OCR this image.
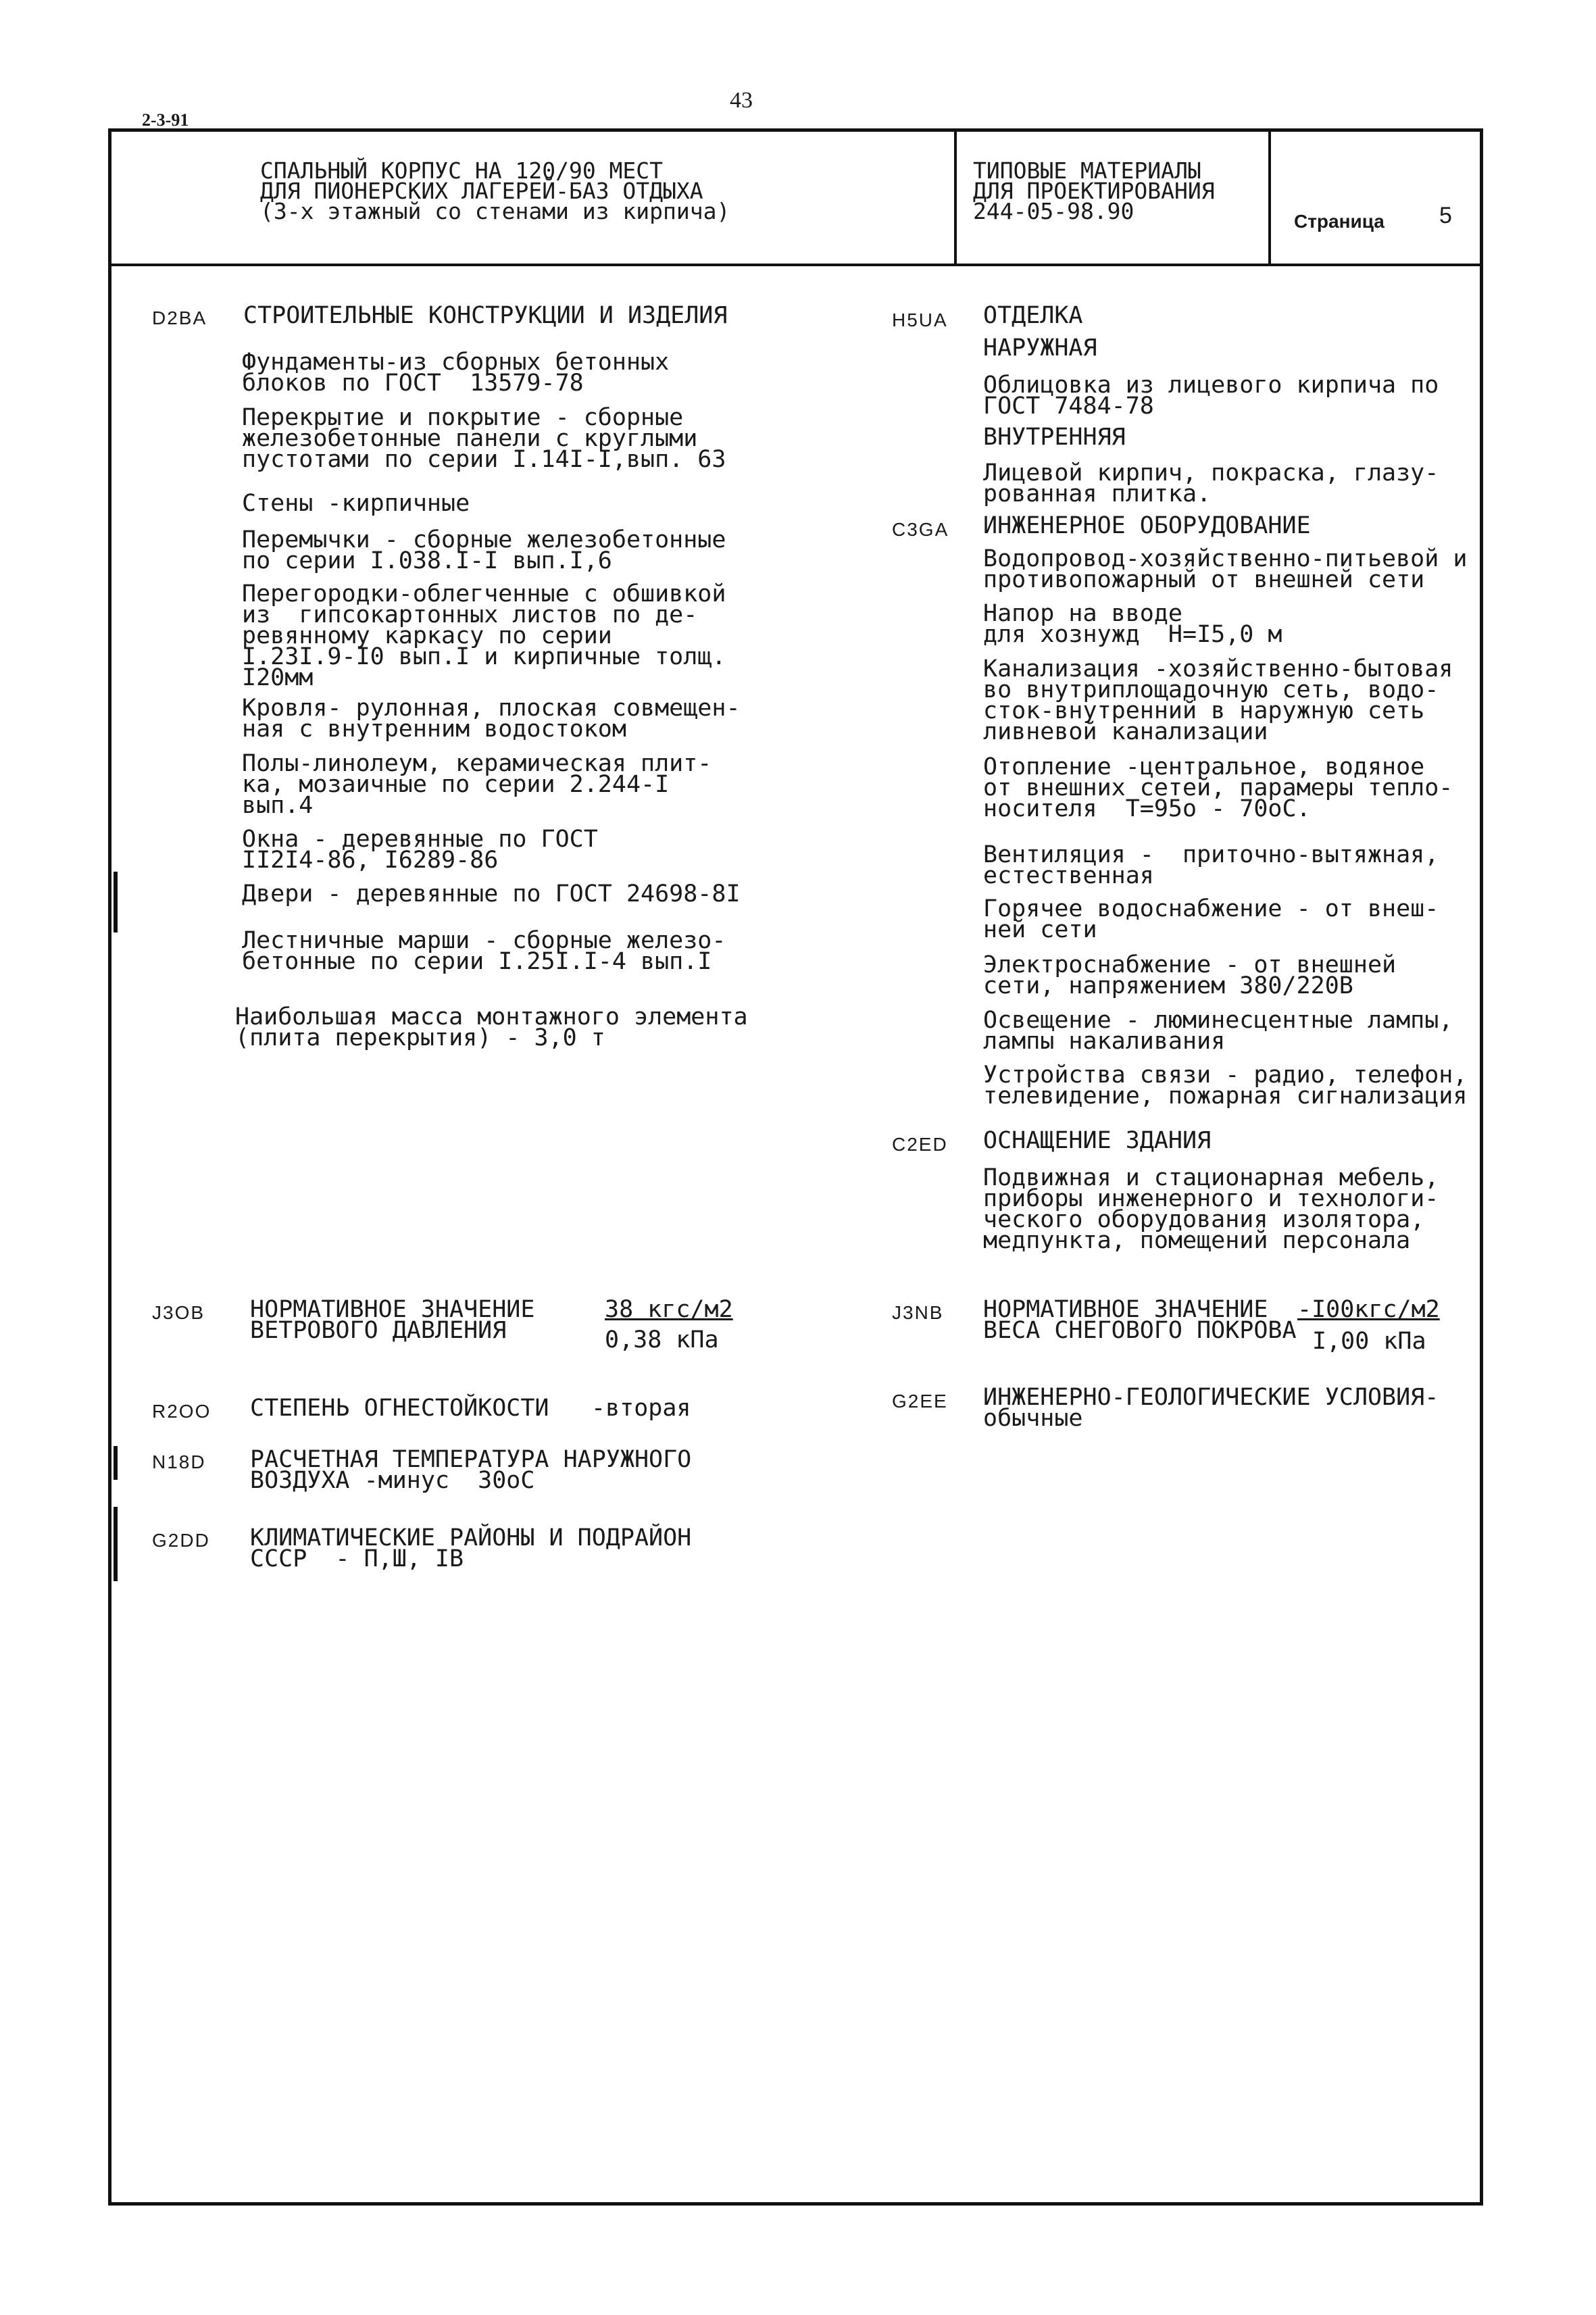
43
2-3-91
СПАЛЬНЫЙ КОРПУС НА 120/90 МЕСТ
ДЛЯ ПИОНЕРСКИХ ЛАГЕРЕЙ-БАЗ ОТДЫХА
(3-х этажный со стенами из кирпича)
ТИПОВЫЕ МАТЕРИАЛЫ
ДЛЯ ПРОЕКТИРОВАНИЯ
244-05-98.90	Страница 5
D2BA СТРОИТЕЛЬНЫЕ КОНСТРУКЦИИ И ИЗДЕЛИЯ
Фундаменты-из сборных бетонных
блоков по ГОСТ  13579-78
Перекрытие и покрытие - сборные
железобетонные панели с круглыми
пустотами по серии I.14I-I,вып. 63
Стены -кирпичные
Перемычки - сборные железобетонные
по серии I.038.I-I вып.I,6
Перегородки-облегченные с обшивкой
из  гипсокартонных листов по де-
ревянному каркасу по серии
I.23I.9-I0 вып.I и кирпичные толщ.
I20мм
Кровля- рулонная, плоская совмещен-
ная с внутренним водостоком
Полы-линолеум, керамическая плит-
ка, мозаичные по серии 2.244-I
вып.4
Окна - деревянные по ГОСТ
II2I4-86, I6289-86
Двери - деревянные по ГОСТ 24698-8I
Лестничные марши - сборные железо-
бетонные по серии I.25I.I-4 вып.I
Наибольшая масса монтажного элемента
(плита перекрытия) - 3,0 т
J3OB НОРМАТИВНОЕ ЗНАЧЕНИЕ
ВЕТРОВОГО ДАВЛЕНИЯ
38 кгс/м2
0,38 кПа
R2OO СТЕПЕНЬ ОГНЕСТОЙКОСТИ -вторая
N18D РАСЧЕТНАЯ ТЕМПЕРАТУРА НАРУЖНОГО
ВОЗДУХА -минус  30оС
G2DD КЛИМАТИЧЕСКИЕ РАЙОНЫ И ПОДРАЙОН
СССР  - П,Ш, IВ
H5UA ОТДЕЛКА
НАРУЖНАЯ
Облицовка из лицевого кирпича по
ГОСТ 7484-78
ВНУТРЕННЯЯ
Лицевой кирпич, покраска, глазу-
рованная плитка.
C3GA ИНЖЕНЕРНОЕ ОБОРУДОВАНИЕ
Водопровод-хозяйственно-питьевой и
противопожарный от внешней сети
Напор на вводе
для хознужд  Н=I5,0 м
Канализация -хозяйственно-бытовая
во внутриплощадочную сеть, водо-
сток-внутренний в наружную сеть
ливневой канализации
Отопление -центральное, водяное
от внешних сетей, парамеры тепло-
носителя  Т=95о - 70оС.
Вентиляция -  приточно-вытяжная,
естественная
Горячее водоснабжение - от внеш-
ней сети
Электроснабжение - от внешней
сети, напряжением 380/220В
Освещение - люминесцентные лампы,
лампы накаливания
Устройства связи - радио, телефон,
телевидение, пожарная сигнализация
C2ED ОСНАЩЕНИЕ ЗДАНИЯ
Подвижная и стационарная мебель,
приборы инженерного и технологи-
ческого оборудования изолятора,
медпункта, помещений персонала
J3NB НОРМАТИВНОЕ ЗНАЧЕНИЕ
ВЕСА СНЕГОВОГО ПОКРОВА
-I00кгс/м2
I,00 кПа
G2EE ИНЖЕНЕРНО-ГЕОЛОГИЧЕСКИЕ УСЛОВИЯ-
обычные
